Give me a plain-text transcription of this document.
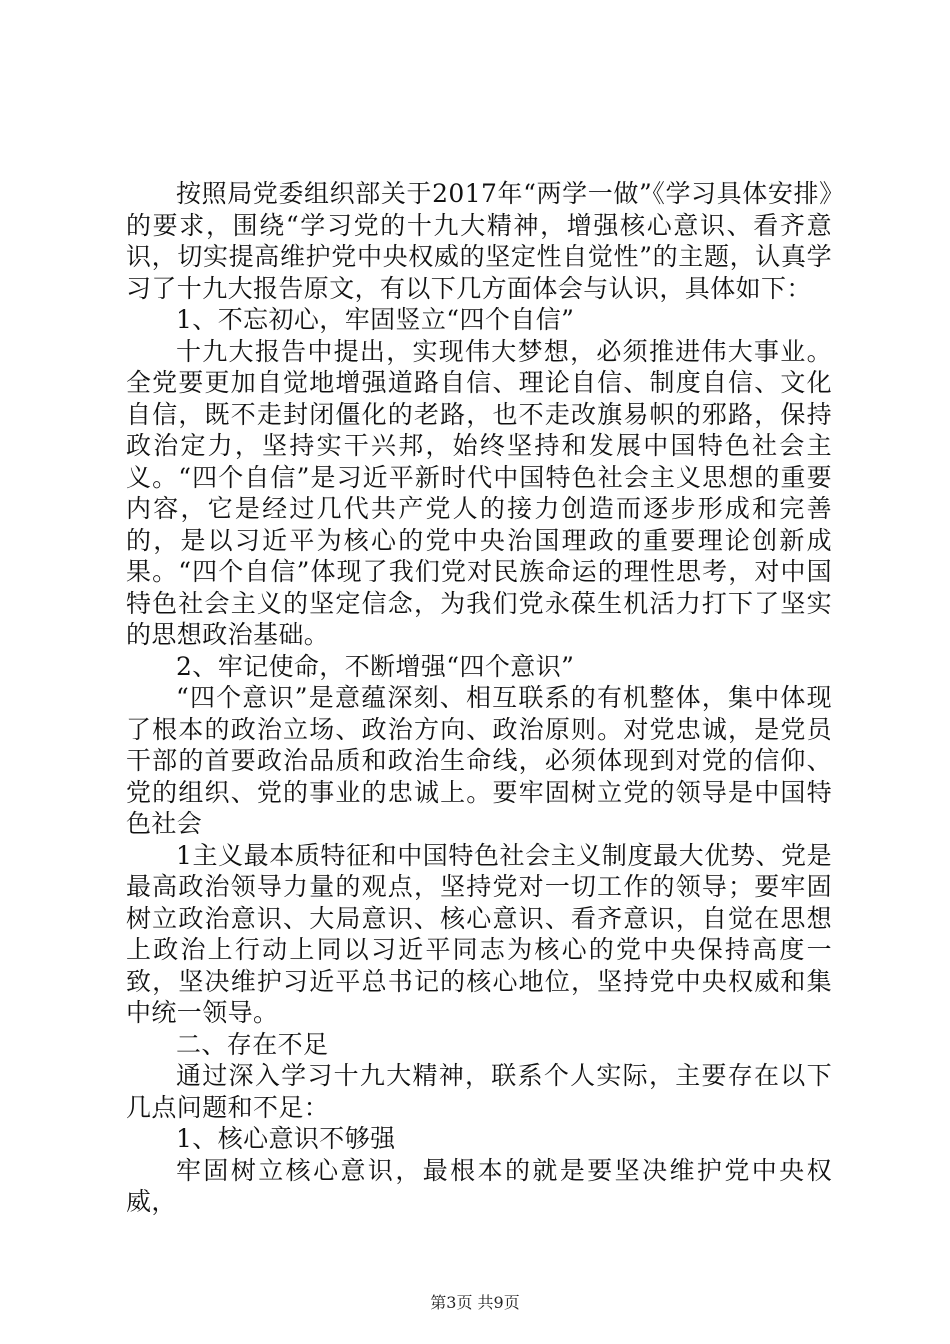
按照局党委组织部关于2017年“两学一做”《学习具体安排》的要求，围绕“学习党的十九大精神，增强核心意识、看齐意识，切实提高维护党中央权威的坚定性自觉性”的主题，认真学习了十九大报告原文，有以下几方面体会与认识，具体如下：

1、不忘初心，牢固竖立“四个自信”

十九大报告中提出，实现伟大梦想，必须推进伟大事业。全党要更加自觉地增强道路自信、理论自信、制度自信、文化自信，既不走封闭僵化的老路，也不走改旗易帜的邪路，保持政治定力，坚持实干兴邦，始终坚持和发展中国特色社会主义。“四个自信”是习近平新时代中国特色社会主义思想的重要内容，它是经过几代共产党人的接力创造而逐步形成和完善的，是以习近平为核心的党中央治国理政的重要理论创新成果。“四个自信”体现了我们党对民族命运的理性思考，对中国特色社会主义的坚定信念，为我们党永葆生机活力打下了坚实的思想政治基础。

2、牢记使命，不断增强“四个意识”

“四个意识”是意蕴深刻、相互联系的有机整体，集中体现了根本的政治立场、政治方向、政治原则。对党忠诚，是党员干部的首要政治品质和政治生命线，必须体现到对党的信仰、党的组织、党的事业的忠诚上。要牢固树立党的领导是中国特色社会

1主义最本质特征和中国特色社会主义制度最大优势、党是最高政治领导力量的观点，坚持党对一切工作的领导；要牢固树立政治意识、大局意识、核心意识、看齐意识，自觉在思想上政治上行动上同以习近平同志为核心的党中央保持高度一致，坚决维护习近平总书记的核心地位，坚持党中央权威和集中统一领导。

二、存在不足

通过深入学习十九大精神，联系个人实际，主要存在以下几点问题和不足：

1、核心意识不够强

牢固树立核心意识，最根本的就是要坚决维护党中央权威，

第3页 共9页
